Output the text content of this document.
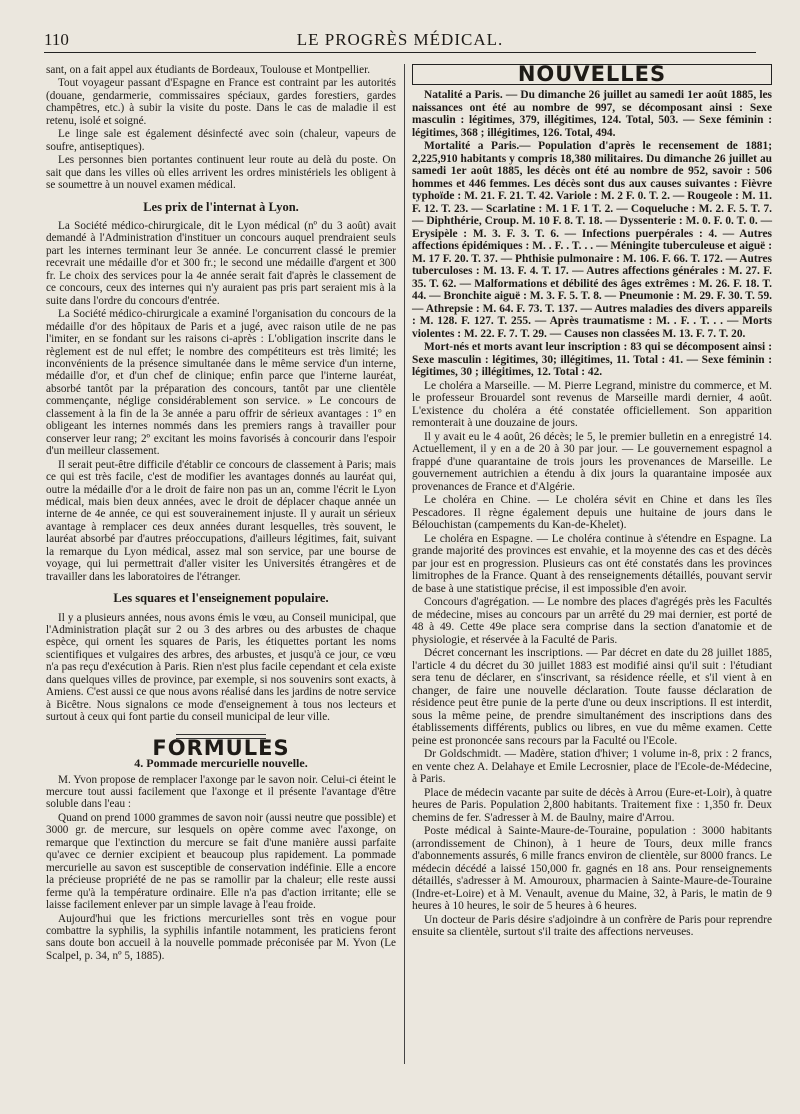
110	LE PROGRÈS MÉDICAL.

sant, on a fait appel aux étudiants de Bordeaux, Toulouse et Montpellier.

Tout voyageur passant d'Espagne en France est contraint par les autorités (douane, gendarmerie, commissaires spéciaux, gardes forestiers, gardes champêtres, etc.) à subir la visite du poste. Dans le cas de maladie il est retenu, isolé et soigné.

Le linge sale est également désinfecté avec soin (chaleur, vapeurs de soufre, antiseptiques).

Les personnes bien portantes continuent leur route au delà du poste. On sait que dans les villes où elles arrivent les ordres ministériels les obligent à se soumettre à un nouvel examen médical.

Les prix de l'internat à Lyon.

La Société médico-chirurgicale, dit le Lyon médical (nº du 3 août) avait demandé à l'Administration d'instituer un concours auquel prendraient seuls part les internes terminant leur 3e année. Le concurrent classé le premier recevrait une médaille d'or et 300 fr.; le second une médaille d'argent et 300 fr. Le choix des services pour la 4e année serait fait d'après le classement de ce concours, ceux des internes qui n'y auraient pas pris part seraient mis à la suite dans l'ordre du concours d'entrée.

La Société médico-chirurgicale a examiné l'organisation du concours de la médaille d'or des hôpitaux de Paris et a jugé, avec raison utile de ne pas l'imiter, en se fondant sur les raisons ci-après : L'obligation inscrite dans le règlement est de nul effet; le nombre des compétiteurs est très limité; les inconvénients de la présence simultanée dans le même service d'un interne, médaille d'or, et d'un chef de clinique; enfin parce que l'interne lauréat, absorbé tantôt par la préparation des concours, tantôt par une clientèle commençante, néglige considérablement son service. » Le concours de classement à la fin de la 3e année a paru offrir de sérieux avantages : 1º en obligeant les internes nommés dans les premiers rangs à travailler pour conserver leur rang; 2º excitant les moins favorisés à concourir dans l'espoir d'un meilleur classement.

Il serait peut-être difficile d'établir ce concours de classement à Paris; mais ce qui est très facile, c'est de modifier les avantages donnés au lauréat qui, outre la médaille d'or a le droit de faire non pas un an, comme l'écrit le Lyon médical, mais bien deux années, avec le droit de déplacer chaque année un interne de 4e année, ce qui est souverainement injuste. Il y aurait un sérieux avantage à remplacer ces deux années durant lesquelles, très souvent, le lauréat absorbé par d'autres préoccupations, d'ailleurs légitimes, fait, suivant la remarque du Lyon médical, assez mal son service, par une bourse de voyage, qui lui permettrait d'aller visiter les Universités étrangères et de travailler dans les laboratoires de l'étranger.

Les squares et l'enseignement populaire.

Il y a plusieurs années, nous avons émis le vœu, au Conseil municipal, que l'Administration plaçât sur 2 ou 3 des arbres ou des arbustes de chaque espèce, qui ornent les squares de Paris, les étiquettes portant les noms scientifiques et vulgaires des arbres, des arbustes, et jusqu'à ce jour, ce vœu n'a pas reçu d'exécution à Paris. Rien n'est plus facile cependant et cela existe dans quelques villes de province, par exemple, si nos souvenirs sont exacts, à Amiens. C'est aussi ce que nous avons réalisé dans les jardins de notre service à Bicêtre. Nous signalons ce mode d'enseignement à tous nos lecteurs et surtout à ceux qui font partie du conseil municipal de leur ville.

FORMULES
4. Pommade mercurielle nouvelle.

M. Yvon propose de remplacer l'axonge par le savon noir. Celui-ci éteint le mercure tout aussi facilement que l'axonge et il présente l'avantage d'être soluble dans l'eau :

Quand on prend 1000 grammes de savon noir (aussi neutre que possible) et 3000 gr. de mercure, sur lesquels on opère comme avec l'axonge, on remarque que l'extinction du mercure se fait d'une manière aussi parfaite qu'avec ce dernier excipient et beaucoup plus rapidement. La pommade mercurielle au savon est susceptible de conservation indéfinie. Elle a encore la précieuse propriété de ne pas se ramollir par la chaleur; elle reste aussi ferme qu'à la température ordinaire. Elle n'a pas d'action irritante; elle se laisse facilement enlever par un simple lavage à l'eau froide.

Aujourd'hui que les frictions mercurielles sont très en vogue pour combattre la syphilis, la syphilis infantile notamment, les praticiens feront sans doute bon accueil à la nouvelle pommade préconisée par M. Yvon (Le Scalpel, p. 34, nº 5, 1885).

NOUVELLES

Natalité a Paris. — Du dimanche 26 juillet au samedi 1er août 1885, les naissances ont été au nombre de 997, se décomposant ainsi : Sexe masculin : légitimes, 379, illégitimes, 124. Total, 503. — Sexe féminin : légitimes, 368 ; illégitimes, 126. Total, 494.

Mortalité a Paris.— Population d'après le recensement de 1881; 2,225,910 habitants y compris 18,380 militaires. Du dimanche 26 juillet au samedi 1er août 1885, les décès ont été au nombre de 952, savoir : 506 hommes et 446 femmes. Les décès sont dus aux causes suivantes : Fièvre typhoïde : M. 21. F. 21. T. 42. Variole : M. 2 F. 0. T. 2. — Rougeole : M. 11. F. 12. T. 23. — Scarlatine : M. 1 F. 1 T. 2. — Coqueluche : M. 2. F. 5. T. 7. — Diphthérie, Croup. M. 10 F. 8. T. 18. — Dyssenterie : M. 0. F. 0. T. 0. — Erysipèle : M. 3. F. 3. T. 6. — Infections puerpérales : 4. — Autres affections épidémiques : M. . F. . T. . . — Méningite tuberculeuse et aiguë : M. 17 F. 20. T. 37. — Phthisie pulmonaire : M. 106. F. 66. T. 172. — Autres tuberculoses : M. 13. F. 4. T. 17. — Autres affections générales : M. 27. F. 35. T. 62. — Malformations et débilité des âges extrêmes : M. 26. F. 18. T. 44. — Bronchite aiguë : M. 3. F. 5. T. 8. — Pneumonie : M. 29. F. 30. T. 59. — Athrepsie : M. 64. F. 73. T. 137. — Autres maladies des divers appareils : M. 128. F. 127. T. 255. — Après traumatisme : M. . F. . T. . . — Morts violentes : M. 22. F. 7. T. 29. — Causes non classées M. 13. F. 7. T. 20.

Mort-nés et morts avant leur inscription : 83 qui se décomposent ainsi : Sexe masculin : légitimes, 30; illégitimes, 11. Total : 41. — Sexe féminin : légitimes, 30 ; illégitimes, 12. Total : 42.

Le choléra a Marseille. — M. Pierre Legrand, ministre du commerce, et M. le professeur Brouardel sont revenus de Marseille mardi dernier, 4 août. L'existence du choléra a été constatée officiellement. Son apparition remonterait à une douzaine de jours.

Il y avait eu le 4 août, 26 décès; le 5, le premier bulletin en a enregistré 14. Actuellement, il y en a de 20 à 30 par jour. — Le gouvernement espagnol a frappé d'une quarantaine de trois jours les provenances de Marseille. Le gouvernement autrichien a étendu à dix jours la quarantaine imposée aux provenances de France et d'Algérie.

Le choléra en Chine. — Le choléra sévit en Chine et dans les îles Pescadores. Il règne également depuis une huitaine de jours dans le Bélouchistan (campements du Kan-de-Khelet).

Le choléra en Espagne. — Le choléra continue à s'étendre en Espagne. La grande majorité des provinces est envahie, et la moyenne des cas et des décès par jour est en progression. Plusieurs cas ont été constatés dans les provinces limitrophes de la France. Quant à des renseignements détaillés, pouvant servir de base à une statistique précise, il est impossible d'en avoir.

Concours d'agrégation. — Le nombre des places d'agrégés près les Facultés de médecine, mises au concours par un arrêté du 29 mai dernier, est porté de 48 à 49. Cette 49e place sera comprise dans la section d'anatomie et de physiologie, et réservée à la Faculté de Paris.

Décret concernant les inscriptions. — Par décret en date du 28 juillet 1885, l'article 4 du décret du 30 juillet 1883 est modifié ainsi qu'il suit : l'étudiant sera tenu de déclarer, en s'inscrivant, sa résidence réelle, et s'il vient à en changer, de faire une nouvelle déclaration. Toute fausse déclaration de résidence peut être punie de la perte d'une ou deux inscriptions. Il est interdit, sous la même peine, de prendre simultanément des inscriptions dans des établissements différents, publics ou libres, en vue du même examen. Cette peine est prononcée sans recours par la Faculté ou l'Ecole.

Dr Goldschmidt. — Madère, station d'hiver; 1 volume in-8, prix : 2 francs, en vente chez A. Delahaye et Emile Lecrosnier, place de l'Ecole-de-Médecine, à Paris.

Place de médecin vacante par suite de décès à Arrou (Eure-et-Loir), à quatre heures de Paris. Population 2,800 habitants. Traitement fixe : 1,350 fr. Deux chemins de fer. S'adresser à M. de Baulny, maire d'Arrou.

Poste médical à Sainte-Maure-de-Touraine, population : 3000 habitants (arrondissement de Chinon), à 1 heure de Tours, deux mille francs d'abonnements assurés, 6 mille francs environ de clientèle, sur 8000 francs. Le médecin décédé a laissé 150,000 fr. gagnés en 18 ans. Pour renseignements détaillés, s'adresser à M. Amouroux, pharmacien à Sainte-Maure-de-Touraine (Indre-et-Loire) et à M. Venault, avenue du Maine, 32, à Paris, le matin de 9 heures à 10 heures, le soir de 5 heures à 6 heures.

Un docteur de Paris désire s'adjoindre à un confrère de Paris pour reprendre ensuite sa clientèle, surtout s'il traite des affections nerveuses.
